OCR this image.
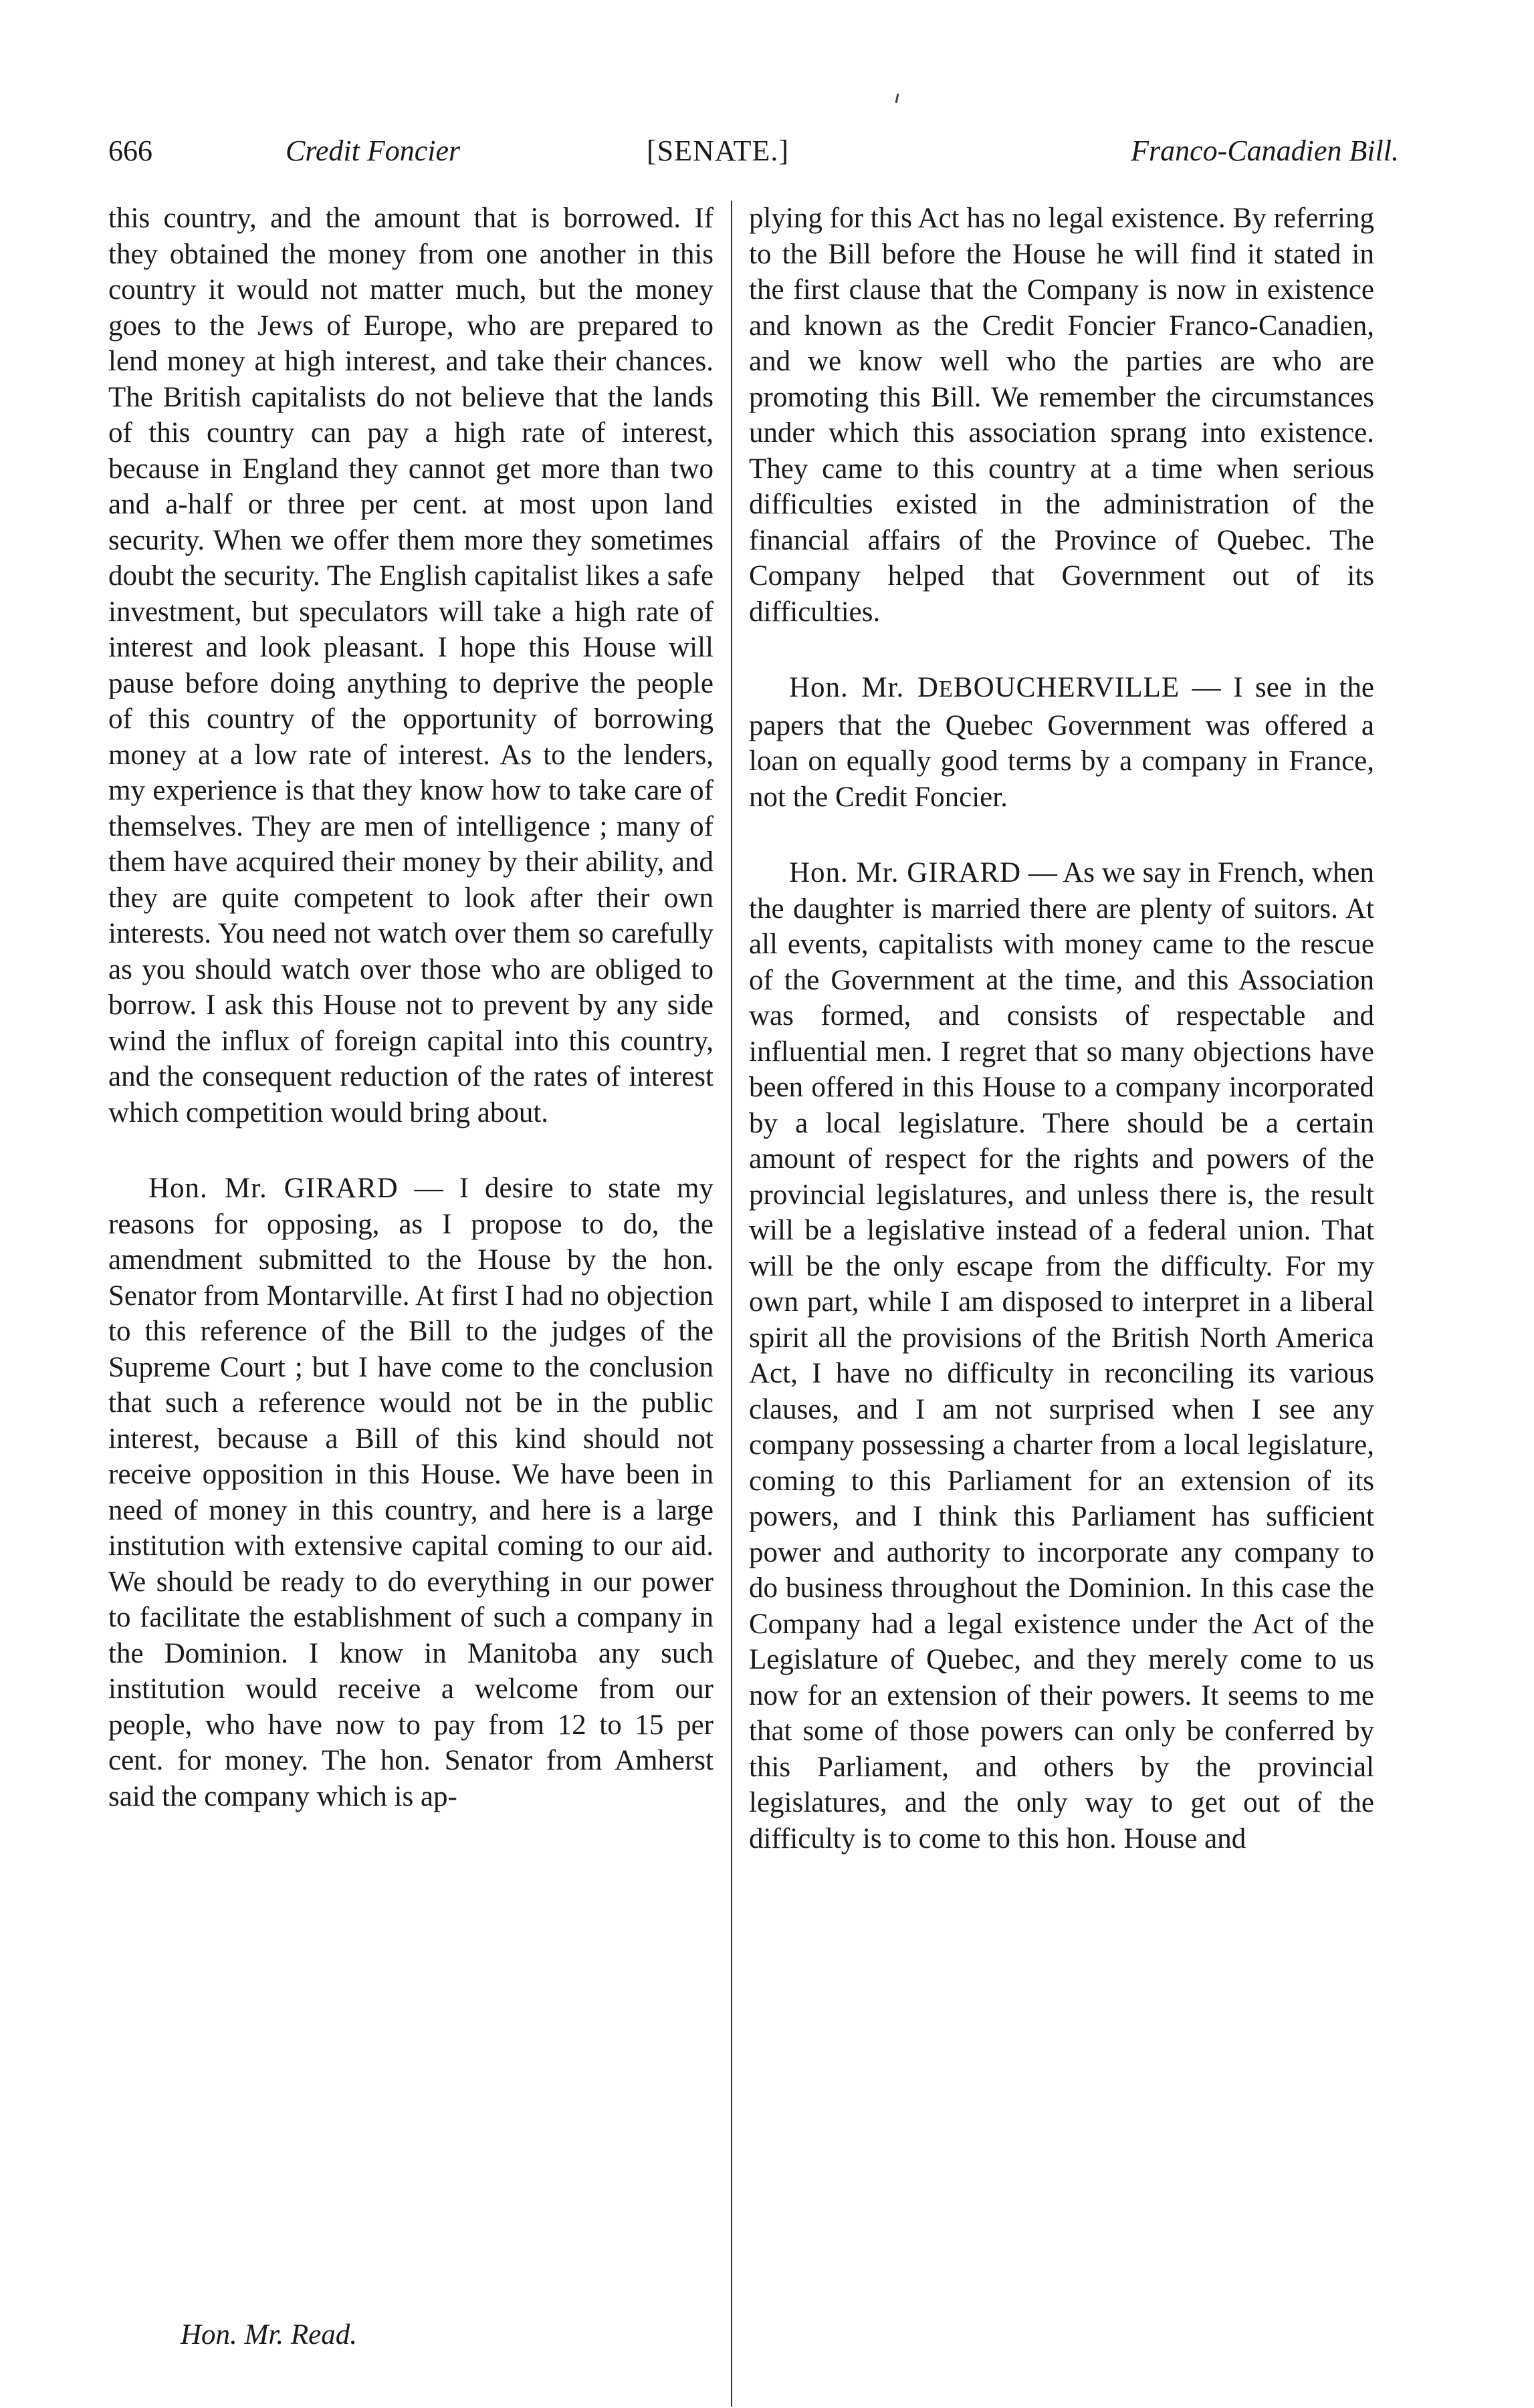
666	Credit Foncier	[SENATE.]	Franco-Canadien Bill.

this country, and the amount that is borrowed. If they obtained the money from one another in this country it would not matter much, but the money goes to the Jews of Europe, who are prepared to lend money at high interest, and take their chances. The British capitalists do not believe that the lands of this country can pay a high rate of interest, because in England they cannot get more than two and a-half or three per cent. at most upon land security. When we offer them more they sometimes doubt the security. The English capitalist likes a safe investment, but speculators will take a high rate of interest and look pleasant. I hope this House will pause before doing anything to deprive the people of this country of the opportunity of borrowing money at a low rate of interest. As to the lenders, my experience is that they know how to take care of themselves. They are men of intelligence ; many of them have acquired their money by their ability, and they are quite competent to look after their own interests. You need not watch over them so carefully as you should watch over those who are obliged to borrow. I ask this House not to prevent by any side wind the influx of foreign capital into this country, and the consequent reduction of the rates of interest which competition would bring about.

Hon. Mr. GIRARD — I desire to state my reasons for opposing, as I propose to do, the amendment submitted to the House by the hon. Senator from Montarville. At first I had no objection to this reference of the Bill to the judges of the Supreme Court ; but I have come to the conclusion that such a reference would not be in the public interest, because a Bill of this kind should not receive opposition in this House. We have been in need of money in this country, and here is a large institution with extensive capital coming to our aid. We should be ready to do everything in our power to facilitate the establishment of such a company in the Dominion. I know in Manitoba any such institution would receive a welcome from our people, who have now to pay from 12 to 15 per cent. for money. The hon. Senator from Amherst said the company which is ap-

plying for this Act has no legal existence. By referring to the Bill before the House he will find it stated in the first clause that the Company is now in existence and known as the Credit Foncier Franco-Canadien, and we know well who the parties are who are promoting this Bill. We remember the circumstances under which this association sprang into existence. They came to this country at a time when serious difficulties existed in the administration of the financial affairs of the Province of Quebec. The Company helped that Government out of its difficulties.

Hon. Mr. DEBOUCHERVILLE — I see in the papers that the Quebec Government was offered a loan on equally good terms by a company in France, not the Credit Foncier.

Hon. Mr. GIRARD — As we say in French, when the daughter is married there are plenty of suitors. At all events, capitalists with money came to the rescue of the Government at the time, and this Association was formed, and consists of respectable and influential men. I regret that so many objections have been offered in this House to a company incorporated by a local legislature. There should be a certain amount of respect for the rights and powers of the provincial legislatures, and unless there is, the result will be a legislative instead of a federal union. That will be the only escape from the difficulty. For my own part, while I am disposed to interpret in a liberal spirit all the provisions of the British North America Act, I have no difficulty in reconciling its various clauses, and I am not surprised when I see any company possessing a charter from a local legislature, coming to this Parliament for an extension of its powers, and I think this Parliament has sufficient power and authority to incorporate any company to do business throughout the Dominion. In this case the Company had a legal existence under the Act of the Legislature of Quebec, and they merely come to us now for an extension of their powers. It seems to me that some of those powers can only be conferred by this Parliament, and others by the provincial legislatures, and the only way to get out of the difficulty is to come to this hon. House and

Hon. Mr. Read.
